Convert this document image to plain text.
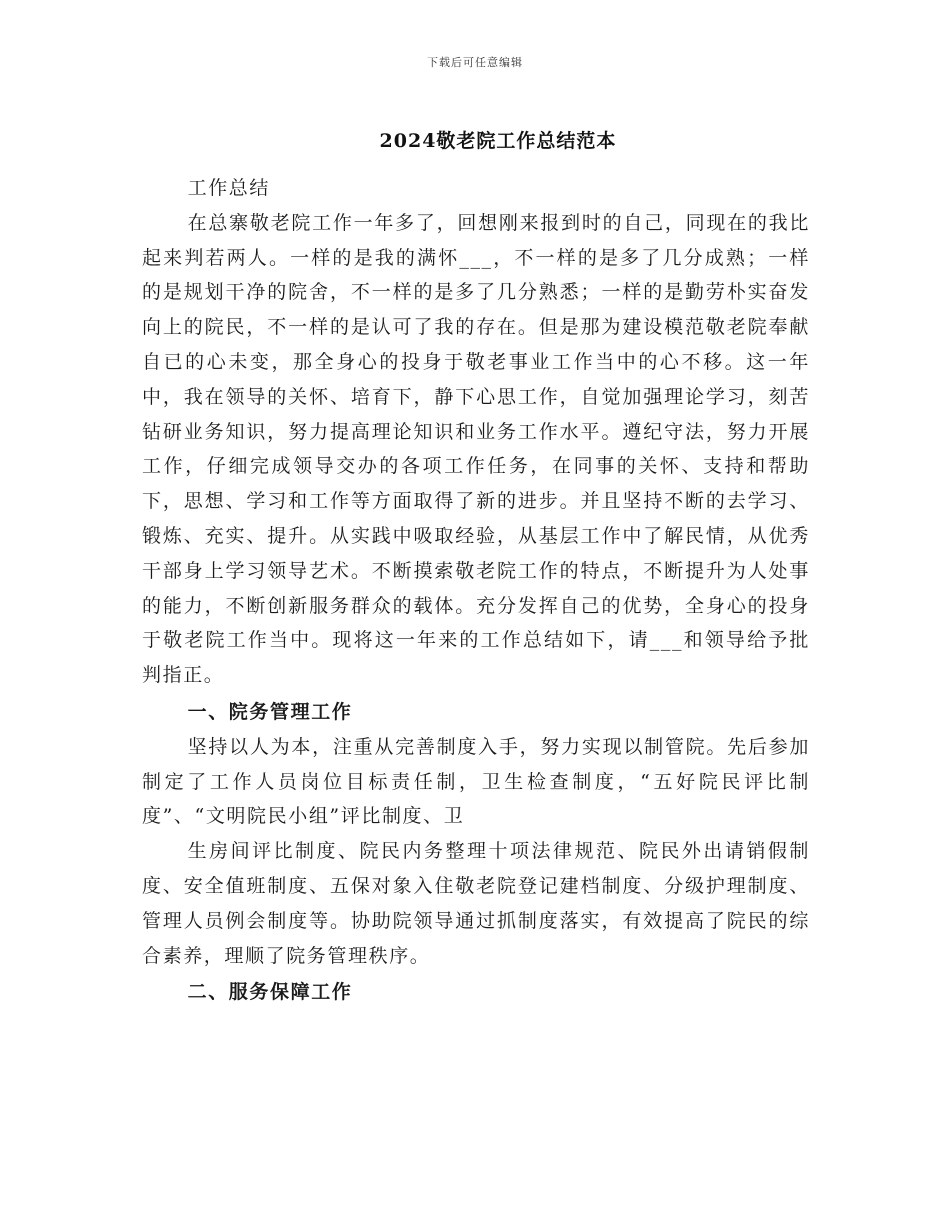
下载后可任意编辑
2024敬老院工作总结范本

工作总结

在总寨敬老院工作一年多了，回想刚来报到时的自己，同现在的我比起来判若两人。一样的是我的满怀___，不一样的是多了几分成熟；一样的是规划干净的院舍，不一样的是多了几分熟悉；一样的是勤劳朴实奋发向上的院民，不一样的是认可了我的存在。但是那为建设模范敬老院奉献自已的心未变，那全身心的投身于敬老事业工作当中的心不移。这一年中，我在领导的关怀、培育下，静下心思工作，自觉加强理论学习，刻苦钻研业务知识，努力提高理论知识和业务工作水平。遵纪守法，努力开展工作，仔细完成领导交办的各项工作任务，在同事的关怀、支持和帮助下，思想、学习和工作等方面取得了新的进步。并且坚持不断的去学习、锻炼、充实、提升。从实践中吸取经验，从基层工作中了解民情，从优秀干部身上学习领导艺术。不断摸索敬老院工作的特点，不断提升为人处事的能力，不断创新服务群众的载体。充分发挥自己的优势，全身心的投身于敬老院工作当中。现将这一年来的工作总结如下，请___和领导给予批判指正。

一、院务管理工作

坚持以人为本，注重从完善制度入手，努力实现以制管院。先后参加制定了工作人员岗位目标责任制，卫生检查制度，“五好院民评比制度”、“文明院民小组”评比制度、卫

生房间评比制度、院民内务整理十项法律规范、院民外出请销假制度、安全值班制度、五保对象入住敬老院登记建档制度、分级护理制度、管理人员例会制度等。协助院领导通过抓制度落实，有效提高了院民的综合素养，理顺了院务管理秩序。

二、服务保障工作
